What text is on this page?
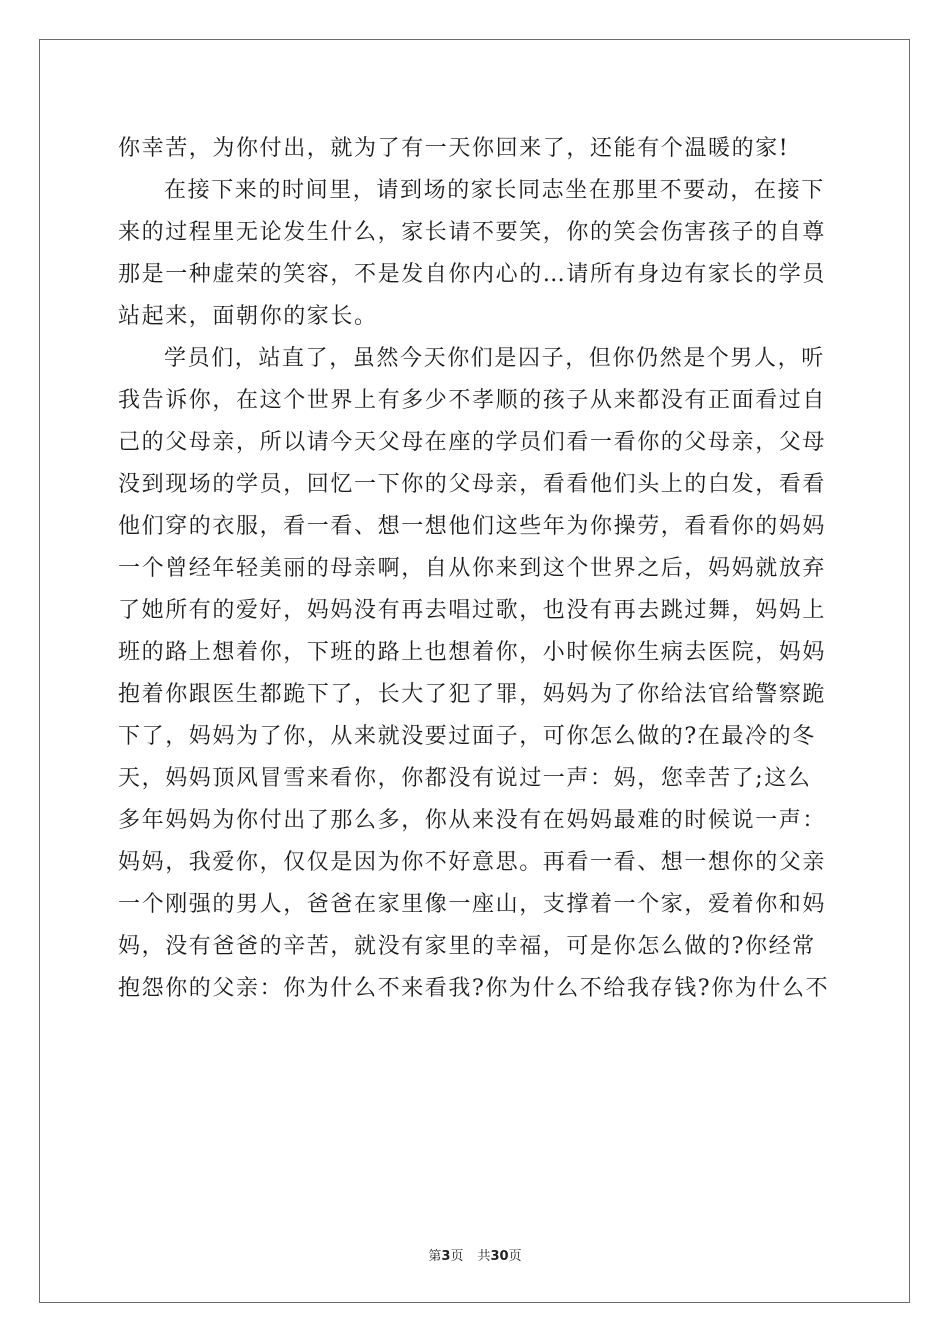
你幸苦，为你付出，就为了有一天你回来了，还能有个温暖的家!
在接下来的时间里，请到场的家长同志坐在那里不要动，在接下
来的过程里无论发生什么，家长请不要笑，你的笑会伤害孩子的自尊
那是一种虚荣的笑容，不是发自你内心的…请所有身边有家长的学员
站起来，面朝你的家长。
学员们，站直了，虽然今天你们是囚子，但你仍然是个男人，听
我告诉你，在这个世界上有多少不孝顺的孩子从来都没有正面看过自
己的父母亲，所以请今天父母在座的学员们看一看你的父母亲，父母
没到现场的学员，回忆一下你的父母亲，看看他们头上的白发，看看
他们穿的衣服，看一看、想一想他们这些年为你操劳，看看你的妈妈
一个曾经年轻美丽的母亲啊，自从你来到这个世界之后，妈妈就放弃
了她所有的爱好，妈妈没有再去唱过歌，也没有再去跳过舞，妈妈上
班的路上想着你，下班的路上也想着你，小时候你生病去医院，妈妈
抱着你跟医生都跪下了，长大了犯了罪，妈妈为了你给法官给警察跪
下了，妈妈为了你，从来就没要过面子，可你怎么做的?在最冷的冬
天，妈妈顶风冒雪来看你，你都没有说过一声：妈，您幸苦了;这么
多年妈妈为你付出了那么多，你从来没有在妈妈最难的时候说一声：
妈妈，我爱你，仅仅是因为你不好意思。再看一看、想一想你的父亲
一个刚强的男人，爸爸在家里像一座山，支撑着一个家，爱着你和妈
妈，没有爸爸的辛苦，就没有家里的幸福，可是你怎么做的?你经常
抱怨你的父亲：你为什么不来看我?你为什么不给我存钱?你为什么不
第3页 共30页
